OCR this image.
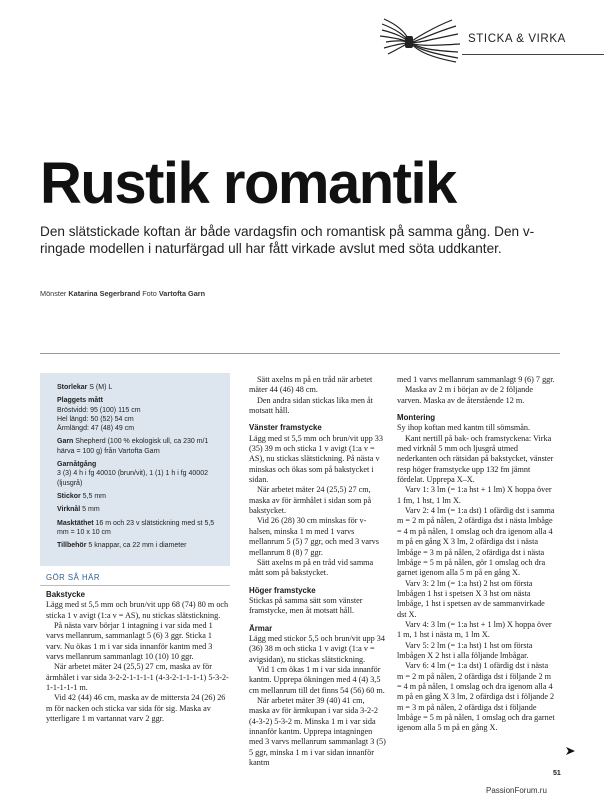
STICKA & VIRKA
Rustik romantik

Den slätstickade koftan är både vardagsfin och romantisk på samma gång. Den v-ringade modellen i naturfärgad ull har fått virkade avslut med söta uddkanter.

Mönster Katarina Segerbrand Foto Vartofta Garn
Storlekar S (M) L
Plaggets mått
Bröstvidd: 95 (100) 115 cm
Hel längd: 50 (52) 54 cm
Ärmlängd: 47 (48) 49 cm
Garn Shepherd (100 % ekologisk ull, ca 230 m/1 härva = 100 g) från Vartofta Garn
Garnåtgång
3 (3) 4 h i fg 40010 (brun/vit), 1 (1) 1 h i fg 40002 (ljusgrå)
Stickor 5,5 mm
Virknål 5 mm
Masktäthet 16 m och 23 v slätstickning med st 5,5 mm = 10 x 10 cm
Tillbehör 5 knappar, ca 22 mm i diameter
GÖR SÅ HÄR
Bakstycke

Lägg med st 5,5 mm och brun/vit upp 68 (74) 80 m och sticka 1 v avigt (1:a v = AS), nu stickas slätstickning.

På nästa varv börjar 1 intagning i var sida med 1 varvs mellanrum, sammanlagt 5 (6) 3 ggr. Sticka 1 varv. Nu ökas 1 m i var sida innanför kantm med 3 varvs mellanrum sammanlagt 10 (10) 10 ggr.

När arbetet mäter 24 (25,5) 27 cm, maska av för ärmhålet i var sida 3-2-2-1-1-1-1 (4-3-2-1-1-1-1) 5-3-2-1-1-1-1-1 m.

Vid 42 (44) 46 cm, maska av de mittersta 24 (26) 26 m för nacken och sticka var sida för sig. Maska av ytterligare 1 m vartannat varv 2 ggr.

Sätt axelns m på en tråd när arbetet mäter 44 (46) 48 cm.

Den andra sidan stickas lika men åt motsatt håll.

Vänster framstycke

Lägg med st 5,5 mm och brun/vit upp 33 (35) 39 m och sticka 1 v avigt (1:a v = AS), nu stickas slätstickning. På nästa v minskas och ökas som på bakstycket i sidan.

När arbetet mäter 24 (25,5) 27 cm, maska av för ärmhålet i sidan som på bakstycket.

Vid 26 (28) 30 cm minskas för v-halsen, minska 1 m med 1 varvs mellanrum 5 (5) 7 ggr, och med 3 varvs mellanrum 8 (8) 7 ggr.

Sätt axelns m på en tråd vid samma mått som på bakstycket.

Höger framstycke

Stickas på samma sätt som vänster framstycke, men åt motsatt håll.

Ärmar

Lägg med stickor 5,5 och brun/vit upp 34 (36) 38 m och sticka 1 v avigt (1:a v = avigsidan), nu stickas slätstickning.

Vid 1 cm ökas 1 m i var sida innanför kantm. Upprepa ökningen med 4 (4) 3,5 cm mellanrum till det finns 54 (56) 60 m.

När arbetet mäter 39 (40) 41 cm, maska av för ärmkupan i var sida 3-2-2 (4-3-2) 5-3-2 m. Minska 1 m i var sida innanför kantm. Upprepa intagningen med 3 varvs mellanrum sammanlagt 3 (5) 5 ggr, minska 1 m i var sidan innanför kantm

med 1 varvs mellanrum sammanlagt 9 (6) 7 ggr.

Maska av 2 m i början av de 2 följande varven. Maska av de återstående 12 m.

Montering

Sy ihop koftan med kantm till sömsmån.

Kant nertill på bak- och framstyckena: Virka med virknål 5 mm och ljusgrå utmed nederkanten och rätsidan på bakstycket, vänster resp höger framstycke upp 132 fm jämnt fördelat. Upprepa X–X.

Varv 1: 3 lm (= 1:a hst + 1 lm) X hoppa över 1 fm, 1 hst, 1 lm X.

Varv 2: 4 lm (= 1:a dst) 1 ofärdig dst i samma m = 2 m på nålen, 2 ofärdiga dst i nästa lmbåge = 4 m på nålen, 1 omslag och dra igenom alla 4 m på en gång X 3 lm, 2 ofärdiga dst i nästa lmbåge = 3 m på nålen, 2 ofärdiga dst i nästa lmbåge = 5 m på nålen, gör 1 omslag och dra garnet igenom alla 5 m på en gång X.

Varv 3: 2 lm (= 1:a hst) 2 hst om första lmbågen 1 hst i spetsen X 3 hst om nästa lmbåge, 1 hst i spetsen av de sammanvirkade dst X.

Varv 4: 3 lm (= 1:a hst + 1 lm) X hoppa över 1 m, 1 hst i nästa m, 1 lm X.

Varv 5: 2 lm (= 1:a hst) 1 hst om första lmbågen X 2 hst i alla följande lmbågar.

Varv 6: 4 lm (= 1:a dst) 1 ofärdig dst i nästa m = 2 m på nålen, 2 ofärdiga dst i följande 2 m = 4 m på nålen, 1 omslag och dra igenom alla 4 m på en gång X 3 lm, 2 ofärdiga dst i följande 2 m = 3 m på nålen, 2 ofärdiga dst i följande lmbåge = 5 m på nålen, 1 omslag och dra garnet igenom alla 5 m på en gång X.

51
PassionForum.ru
